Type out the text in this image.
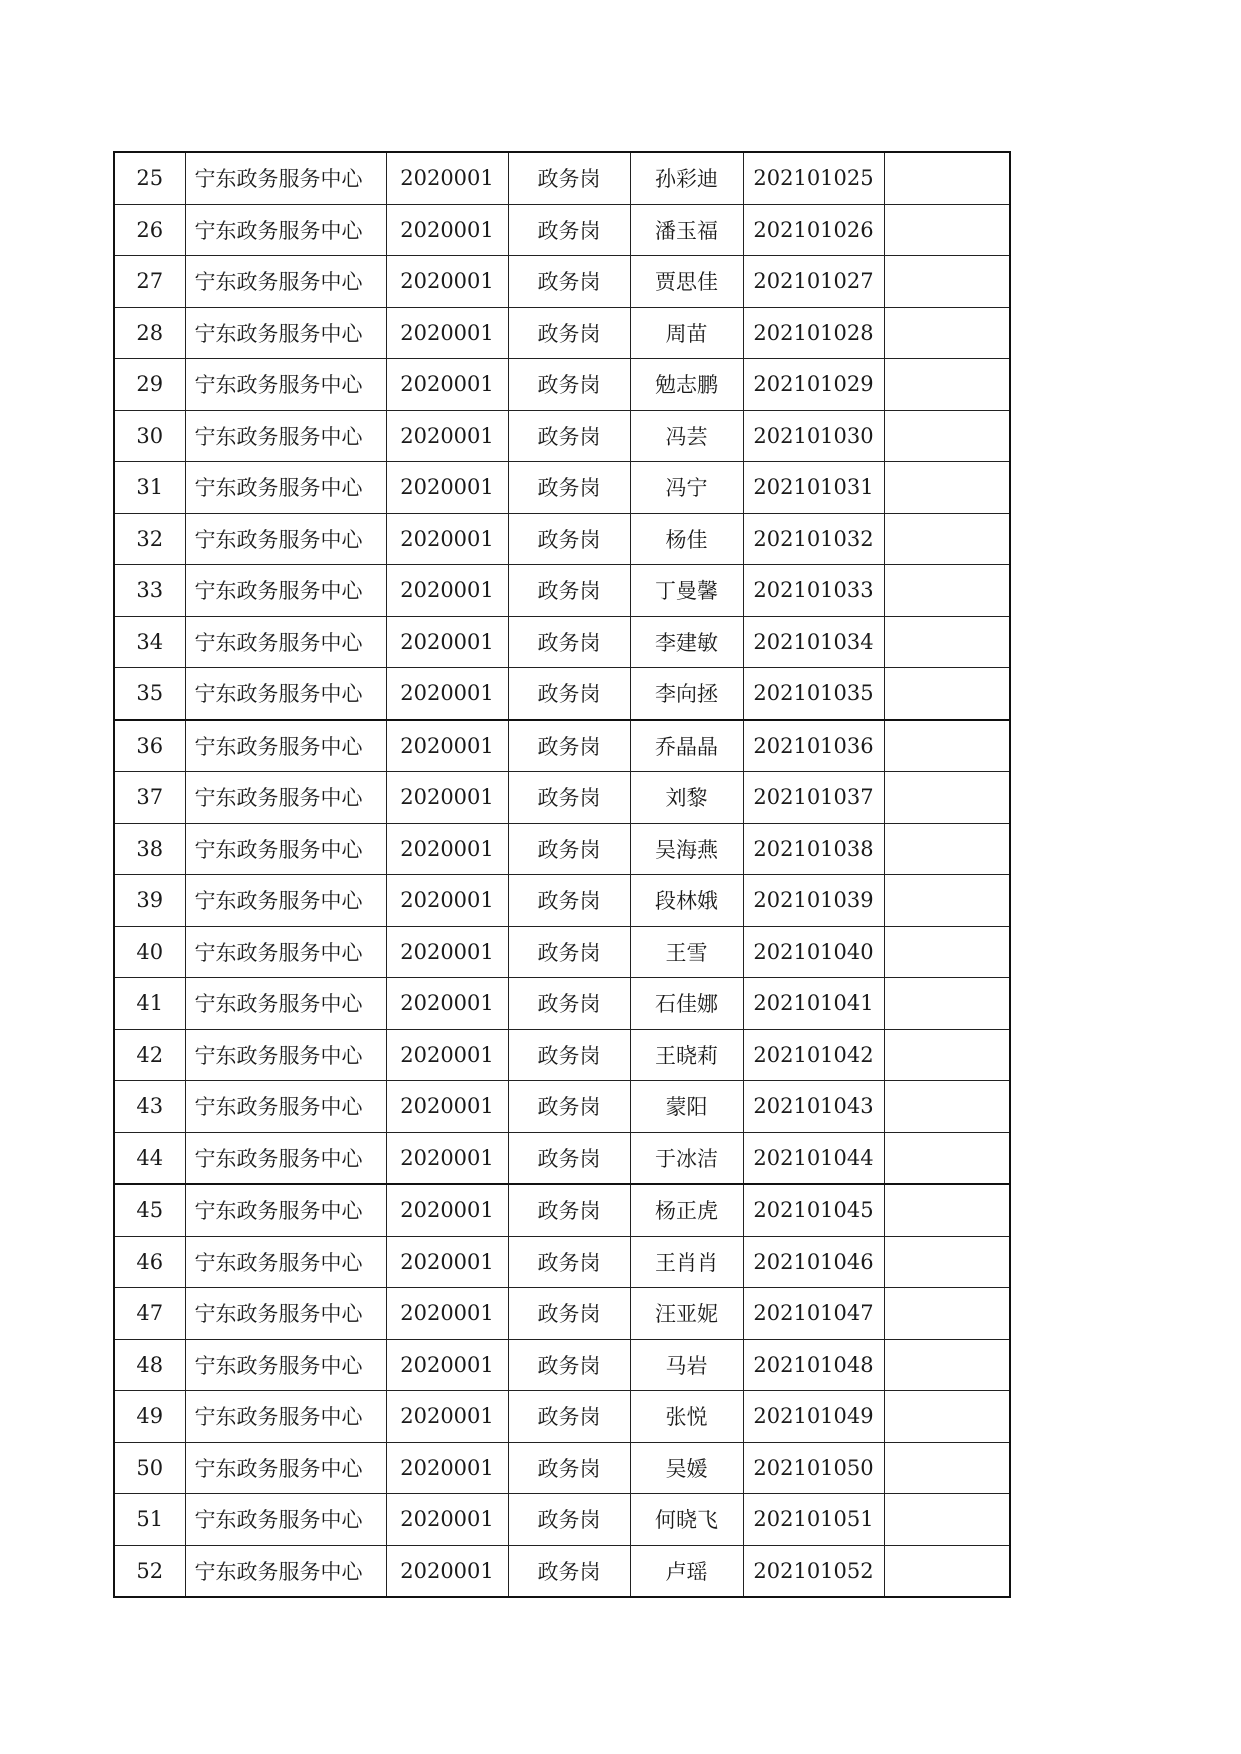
25	宁东政务服务中心	2020001	政务岗	孙彩迪	202101025	
26	宁东政务服务中心	2020001	政务岗	潘玉福	202101026	
27	宁东政务服务中心	2020001	政务岗	贾思佳	202101027	
28	宁东政务服务中心	2020001	政务岗	周苗	202101028	
29	宁东政务服务中心	2020001	政务岗	勉志鹏	202101029	
30	宁东政务服务中心	2020001	政务岗	冯芸	202101030	
31	宁东政务服务中心	2020001	政务岗	冯宁	202101031	
32	宁东政务服务中心	2020001	政务岗	杨佳	202101032	
33	宁东政务服务中心	2020001	政务岗	丁曼馨	202101033	
34	宁东政务服务中心	2020001	政务岗	李建敏	202101034	
35	宁东政务服务中心	2020001	政务岗	李向拯	202101035	
36	宁东政务服务中心	2020001	政务岗	乔晶晶	202101036	
37	宁东政务服务中心	2020001	政务岗	刘黎	202101037	
38	宁东政务服务中心	2020001	政务岗	吴海燕	202101038	
39	宁东政务服务中心	2020001	政务岗	段林娥	202101039	
40	宁东政务服务中心	2020001	政务岗	王雪	202101040	
41	宁东政务服务中心	2020001	政务岗	石佳娜	202101041	
42	宁东政务服务中心	2020001	政务岗	王晓莉	202101042	
43	宁东政务服务中心	2020001	政务岗	蒙阳	202101043	
44	宁东政务服务中心	2020001	政务岗	于冰洁	202101044	
45	宁东政务服务中心	2020001	政务岗	杨正虎	202101045	
46	宁东政务服务中心	2020001	政务岗	王肖肖	202101046	
47	宁东政务服务中心	2020001	政务岗	汪亚妮	202101047	
48	宁东政务服务中心	2020001	政务岗	马岩	202101048	
49	宁东政务服务中心	2020001	政务岗	张悦	202101049	
50	宁东政务服务中心	2020001	政务岗	吴媛	202101050	
51	宁东政务服务中心	2020001	政务岗	何晓飞	202101051	
52	宁东政务服务中心	2020001	政务岗	卢瑶	202101052	
